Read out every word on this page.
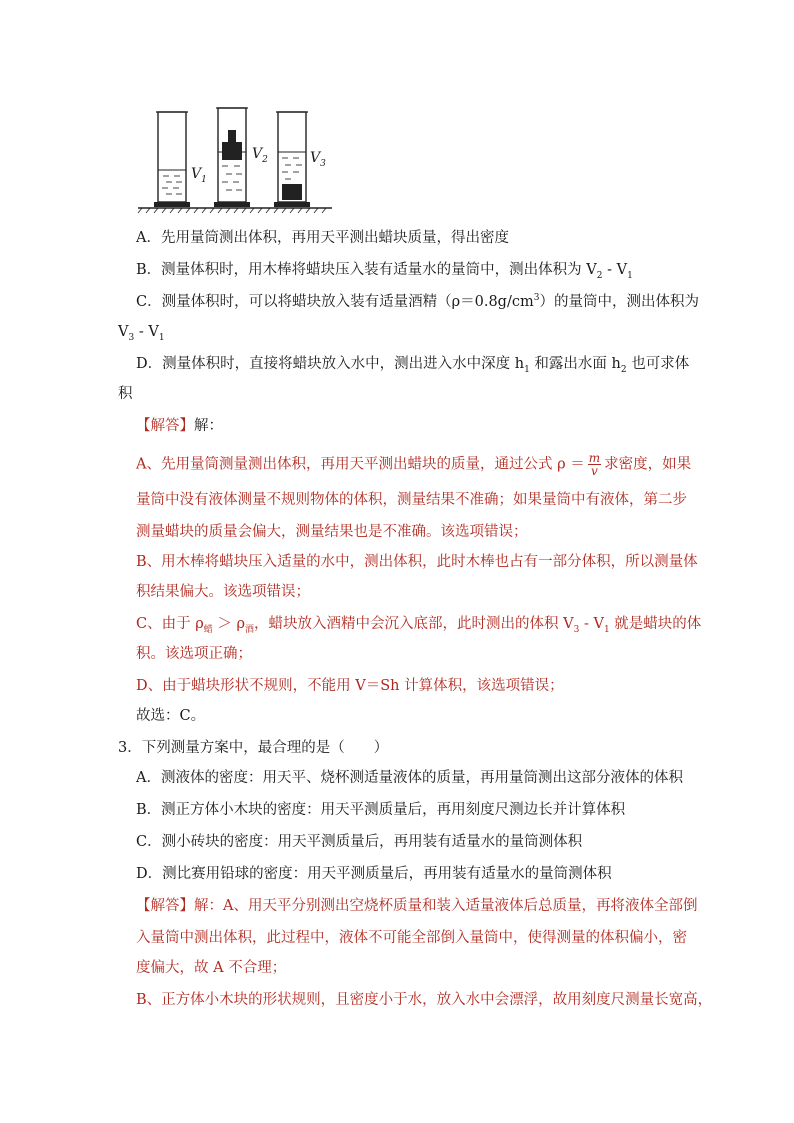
$V_1$
$V_2$	$V_3$
A．先用量筒测出体积，再用天平测出蜡块质量，得出密度
B．测量体积时，用木棒将蜡块压入装有适量水的量筒中，测出体积为 $V_2 - V_1$
C．测量体积时，可以将蜡块放入装有适量酒精$(\rho=0.8g/cm^3)$的量筒中，测出体积为
$V_3 - V_1$
D．测量体积时，直接将蜡块放入水中，测出进入水中深度 $h_1$ 和露出水面 $h_2$ 也可求体
积
【解答】解：
A、先用量筒测量测出体积，再用天平测出蜡块的质量，通过公式 $\rho = \frac{m}{v}$ 求密度，如果
量筒中没有液体测量不规则物体的体积，测量结果不准确；如果量筒中有液体，第二步
测量蜡块的质量会偏大，测量结果也是不准确。该选项错误；
B、用木棒将蜡块压入适量的水中，测出体积，此时木棒也占有一部分体积，所以测量体
积结果偏大。该选项错误；
C、由于 $\rho_蜡 > \rho_酒$，蜡块放入酒精中会沉入底部，此时测出的体积 $V_3 - V_1$ 就是蜡块的体
积。该选项正确；
D、由于蜡块形状不规则，不能用 V＝Sh 计算体积，该选项错误；
故选：C。
3．下列测量方案中，最合理的是（　　）
A．测液体的密度：用天平、烧杯测适量液体的质量，再用量筒测出这部分液体的体积
B．测正方体小木块的密度：用天平测质量后，再用刻度尺测边长并计算体积
C．测小砖块的密度：用天平测质量后，再用装有适量水的量筒测体积
D．测比赛用铅球的密度：用天平测质量后，再用装有适量水的量筒测体积
【解答】解：A、用天平分别测出空烧杯质量和装入适量液体后总质量，再将液体全部倒
入量筒中测出体积，此过程中，液体不可能全部倒入量筒中，使得测量的体积偏小，密
度偏大，故 A 不合理；
B、正方体小木块的形状规则，且密度小于水，放入水中会漂浮，故用刻度尺测量长宽高，
